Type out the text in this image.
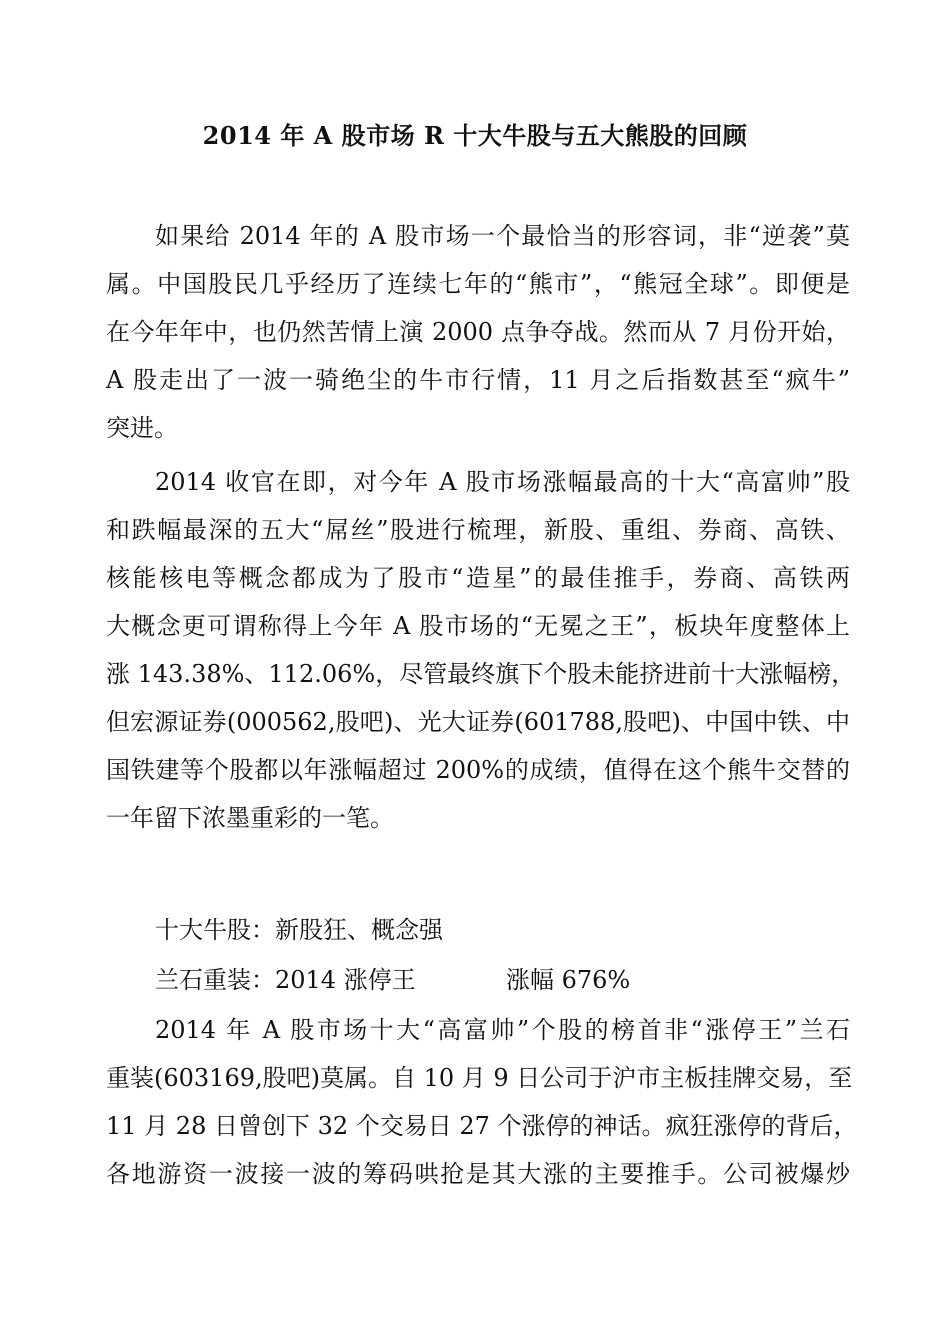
2014 年 A 股市场 R 十大牛股与五大熊股的回顾
如果给 2014 年的 A 股市场一个最恰当的形容词，非“逆袭”莫
属。中国股民几乎经历了连续七年的“熊市”，“熊冠全球”。即便是
在今年年中，也仍然苦情上演 2000 点争夺战。然而从 7 月份开始，
A 股走出了一波一骑绝尘的牛市行情，11 月之后指数甚至“疯牛”
突进。
2014 收官在即，对今年 A 股市场涨幅最高的十大“高富帅”股
和跌幅最深的五大“屌丝”股进行梳理，新股、重组、券商、高铁、
核能核电等概念都成为了股市“造星”的最佳推手，券商、高铁两
大概念更可谓称得上今年 A 股市场的“无冕之王”，板块年度整体上
涨 143.38%、112.06%，尽管最终旗下个股未能挤进前十大涨幅榜，
但宏源证券(000562,股吧)、光大证券(601788,股吧)、中国中铁、中
国铁建等个股都以年涨幅超过 200%的成绩，值得在这个熊牛交替的
一年留下浓墨重彩的一笔。
十大牛股：新股狂、概念强
兰石重装：2014 涨停王	涨幅 676%
2014 年 A 股市场十大“高富帅”个股的榜首非“涨停王”兰石
重装(603169,股吧)莫属。自 10 月 9 日公司于沪市主板挂牌交易，至
11 月 28 日曾创下 32 个交易日 27 个涨停的神话。疯狂涨停的背后，
各地游资一波接一波的筹码哄抢是其大涨的主要推手。公司被爆炒
